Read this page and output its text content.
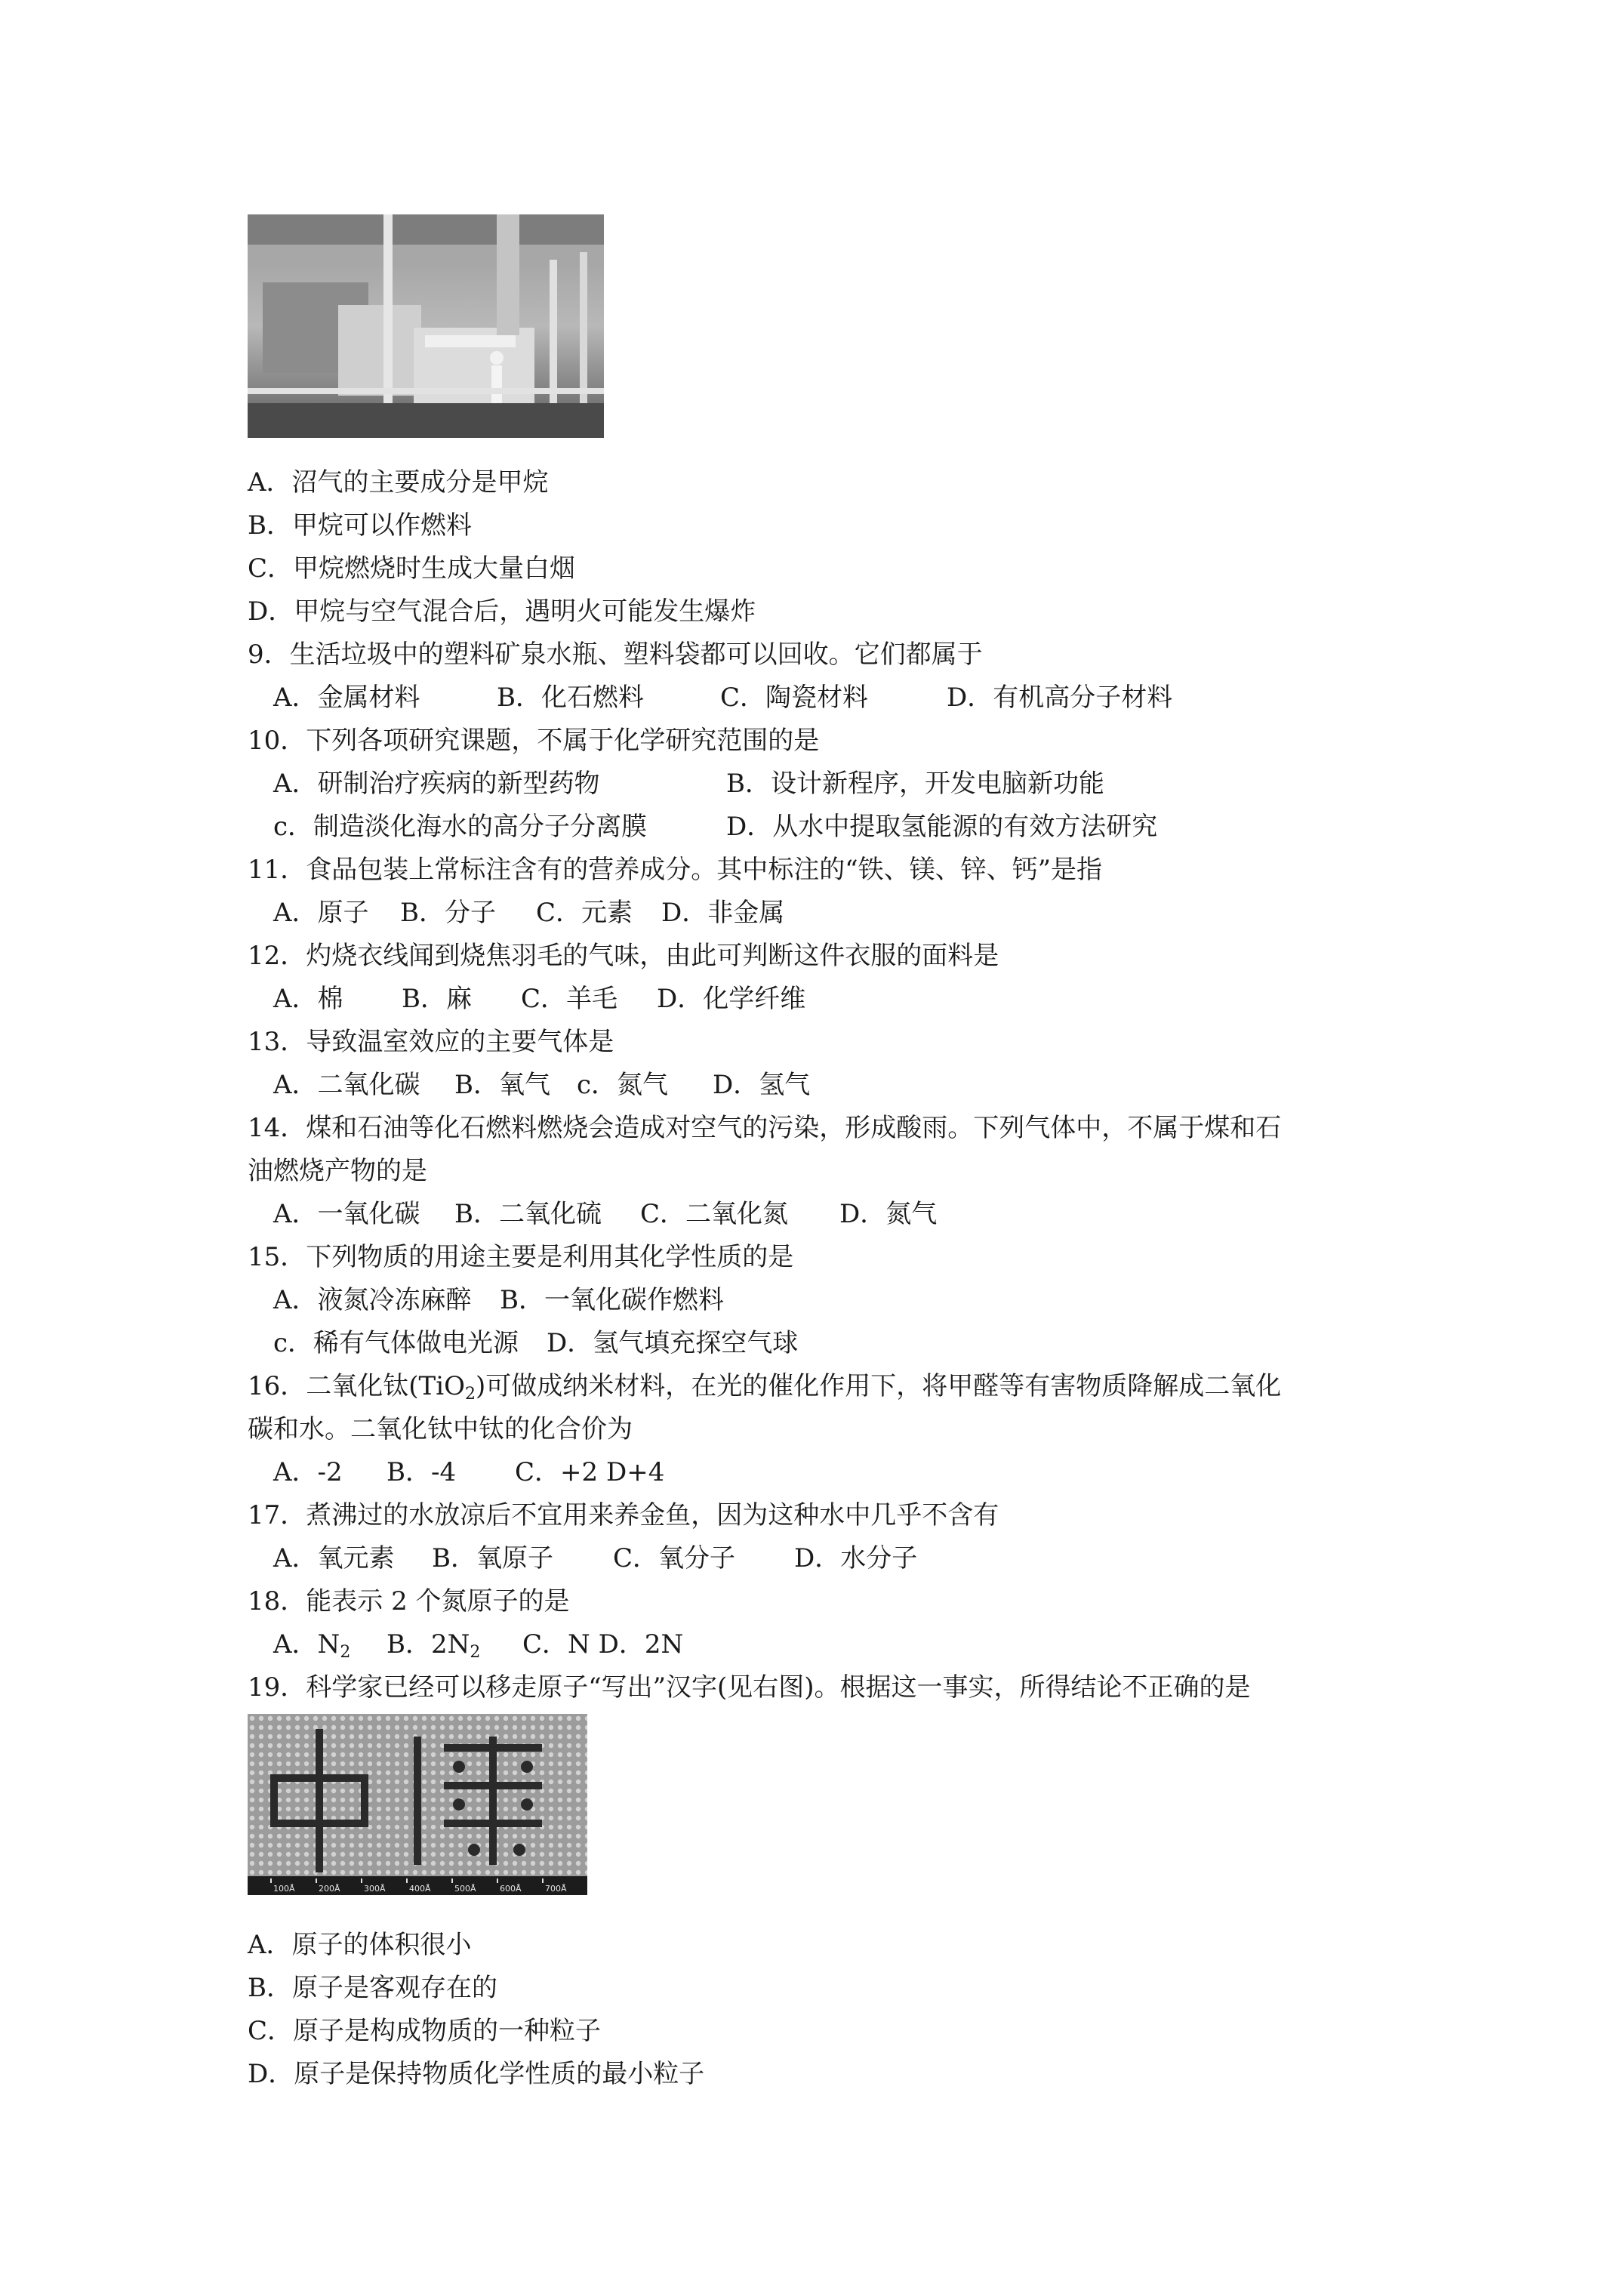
A．沼气的主要成分是甲烷
B．甲烷可以作燃料
C．甲烷燃烧时生成大量白烟
D．甲烷与空气混合后，遇明火可能发生爆炸
9．生活垃圾中的塑料矿泉水瓶、塑料袋都可以回收。它们都属于
A．金属材料	B．化石燃料	C．陶瓷材料	D．有机高分子材料
10．下列各项研究课题，不属于化学研究范围的是
A．研制治疗疾病的新型药物	B．设计新程序，开发电脑新功能
c．制造淡化海水的高分子分离膜	D．从水中提取氢能源的有效方法研究
11．食品包装上常标注含有的营养成分。其中标注的“铁、镁、锌、钙”是指
A．原子 B．分子 C．元素 D．非金属
12．灼烧衣线闻到烧焦羽毛的气味，由此可判断这件衣服的面料是
A．棉 B．麻 C．羊毛 D．化学纤维
13．导致温室效应的主要气体是
A．二氧化碳 B．氧气 c．氮气 D．氢气
14．煤和石油等化石燃料燃烧会造成对空气的污染，形成酸雨。下列气体中，不属于煤和石
油燃烧产物的是
A．一氧化碳 B．二氧化硫 C．二氧化氮 D．氮气
15．下列物质的用途主要是利用其化学性质的是
A．液氮冷冻麻醉 B．一氧化碳作燃料
c．稀有气体做电光源 D．氢气填充探空气球
16．二氧化钛(TiO$_2$)可做成纳米材料，在光的催化作用下，将甲醛等有害物质降解成二氧化
碳和水。二氧化钛中钛的化合价为
A．-2 B．-4 C．+2 D+4
17．煮沸过的水放凉后不宜用来养金鱼，因为这种水中几乎不含有
A．氧元素 B．氧原子 C．氧分子 D．水分子
18．能表示 2 个氮原子的是
A．$N_2$ B．$2N_2$ C．N D．2N
19．科学家已经可以移走原子“写出”汉字(见右图)。根据这一事实，所得结论不正确的是
100Å	200Å	300Å	400Å	500Å	600Å	700Å
A．原子的体积很小
B．原子是客观存在的
C．原子是构成物质的一种粒子
D．原子是保持物质化学性质的最小粒子
